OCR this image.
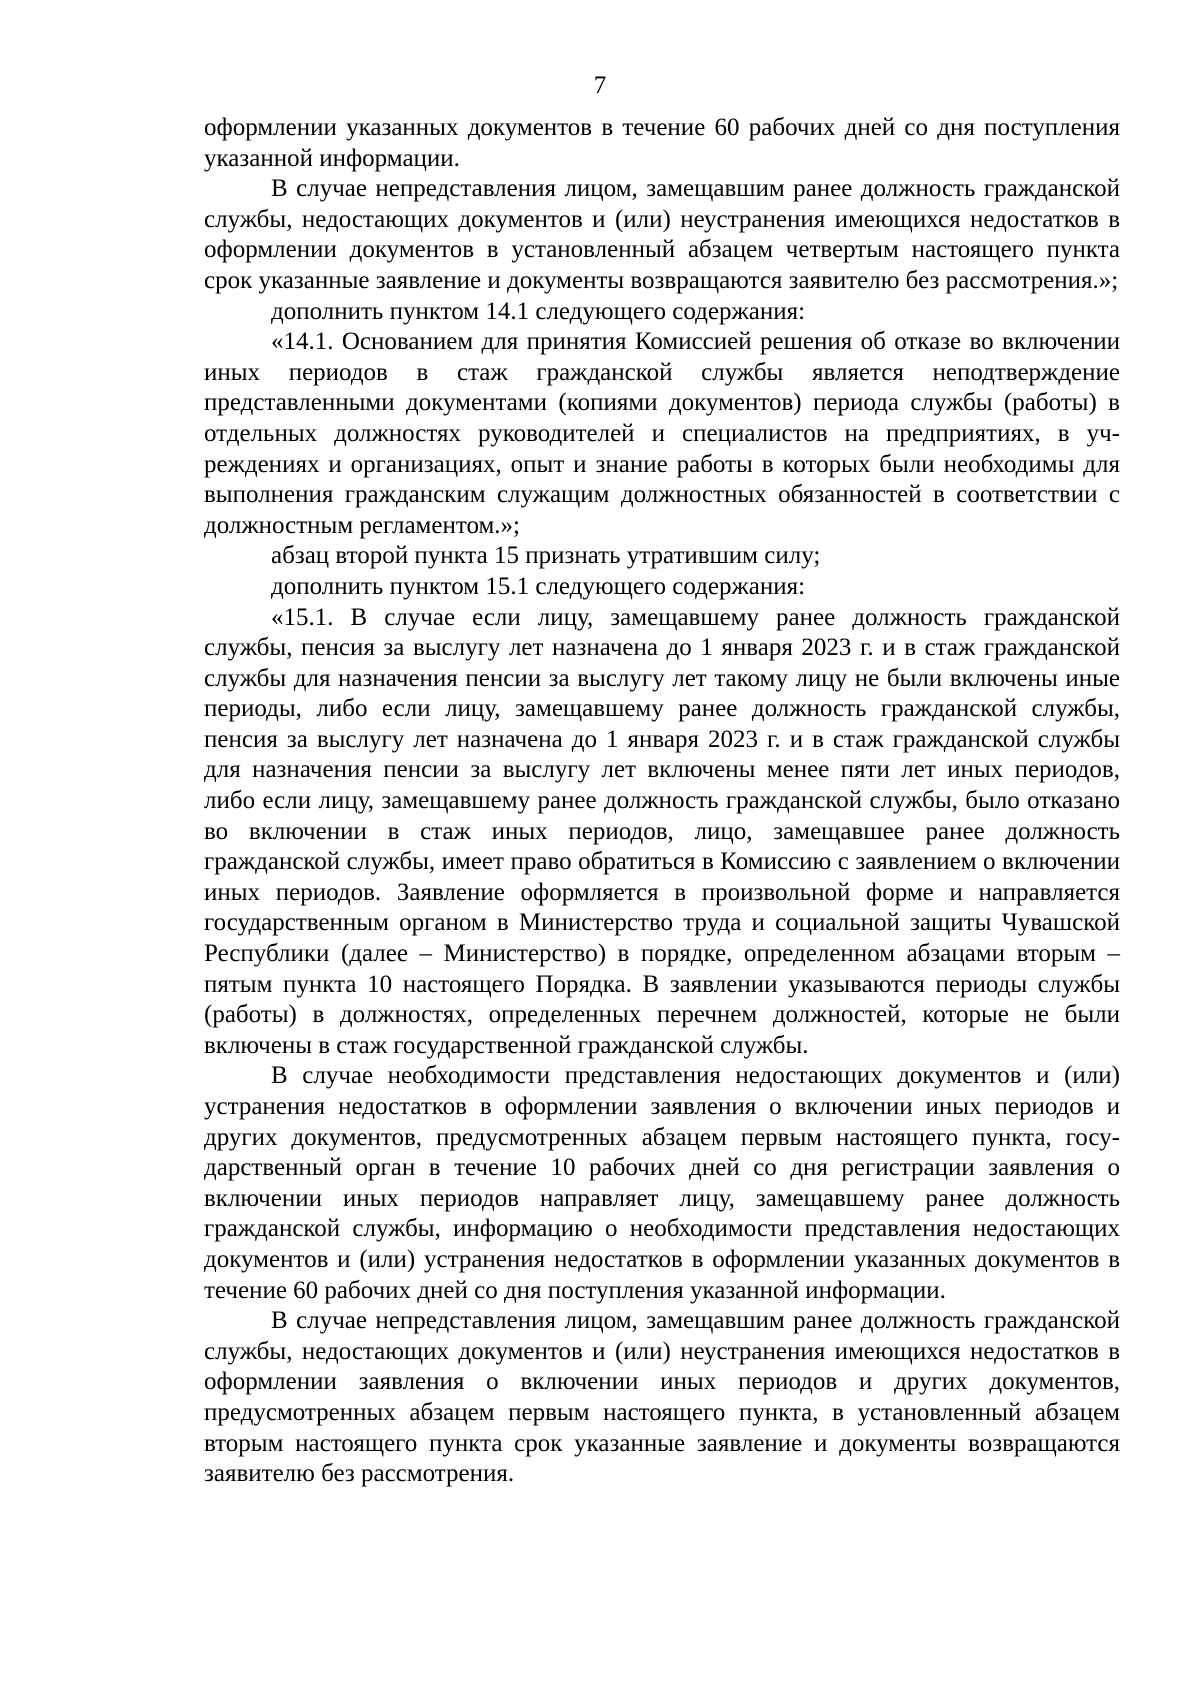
7

оформлении указанных документов в течение 60 рабочих дней со дня поступления указанной информации.

В случае непредставления лицом, замещавшим ранее должность гражданской службы, недостающих документов и (или) неустранения имеющихся недостатков в оформлении документов в установленный абзацем четвертым настоящего пункта срок указанные заявление и документы возвращаются заявителю без рассмотрения.»;

дополнить пунктом 14.1 следующего содержания:

«14.1. Основанием для принятия Комиссией решения об отказе во включении иных периодов в стаж гражданской службы является неподтверждение представленными документами (копиями документов) периода службы (работы) в отдельных должностях руководителей и специалистов на предприятиях, в учреждениях и организациях, опыт и знание работы в которых были необходимы для выполнения гражданским служащим должностных обязанностей в соответствии с должностным регламентом.»;

абзац второй пункта 15 признать утратившим силу;

дополнить пунктом 15.1 следующего содержания:

«15.1. В случае если лицу, замещавшему ранее должность гражданской службы, пенсия за выслугу лет назначена до 1 января 2023 г. и в стаж гражданской службы для назначения пенсии за выслугу лет такому лицу не были включены иные периоды, либо если лицу, замещавшему ранее должность гражданской службы, пенсия за выслугу лет назначена до 1 января 2023 г. и в стаж гражданской службы для назначения пенсии за выслугу лет включены менее пяти лет иных периодов, либо если лицу, замещавшему ранее должность гражданской службы, было отказано во включении в стаж иных периодов, лицо, замещавшее ранее должность гражданской службы, имеет право обратиться в Комиссию с заявлением о включении иных периодов. Заявление оформляется в произвольной форме и направляется государственным органом в Министерство труда и социальной защиты Чувашской Республики (далее – Министерство) в порядке, определенном абзацами вторым – пятым пункта 10 настоящего Порядка. В заявлении указываются периоды службы (работы) в должностях, определенных перечнем должностей, которые не были включены в стаж государственной гражданской службы.

В случае необходимости представления недостающих документов и (или) устранения недостатков в оформлении заявления о включении иных периодов и других документов, предусмотренных абзацем первым настоящего пункта, государственный орган в течение 10 рабочих дней со дня регистрации заявления о включении иных периодов направляет лицу, замещавшему ранее должность гражданской службы, информацию о необходимости представления недостающих документов и (или) устранения недостатков в оформлении указанных документов в течение 60 рабочих дней со дня поступления указанной информации.

В случае непредставления лицом, замещавшим ранее должность гражданской службы, недостающих документов и (или) неустранения имеющихся недостатков в оформлении заявления о включении иных периодов и других документов, предусмотренных абзацем первым настоящего пункта, в установленный абзацем вторым настоящего пункта срок указанные заявление и документы возвращаются заявителю без рассмотрения.
